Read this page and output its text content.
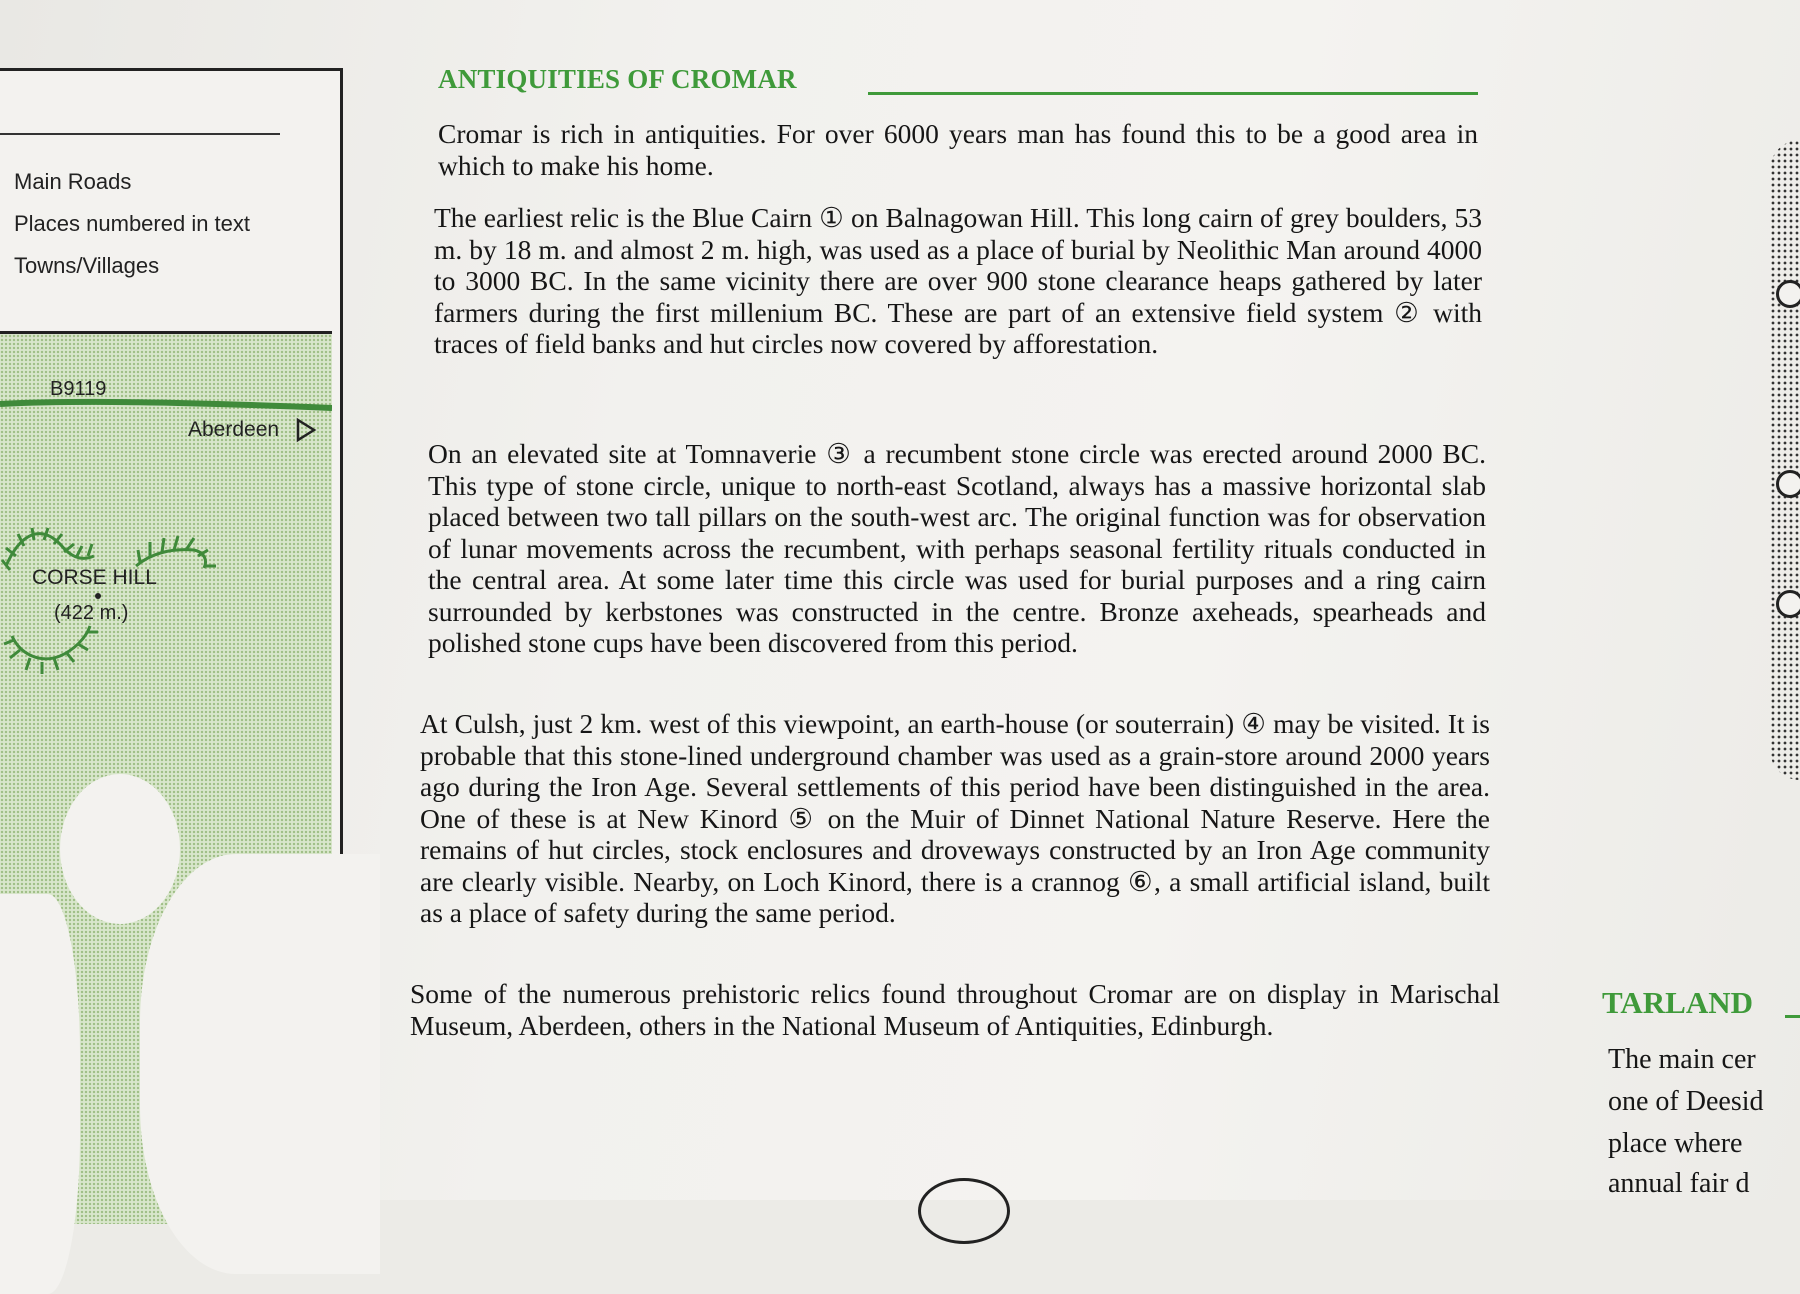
Main Roads
Places numbered in text
Towns/Villages
B9119
Aberdeen
CORSE HILL
(422 m.)
ANTIQUITIES OF CROMAR
Cromar is rich in antiquities. For over 6000 years man has found this to be a good area in which to make his home.
The earliest relic is the Blue Cairn ① on Balnagowan Hill. This long cairn of grey boulders, 53 m. by 18 m. and almost 2 m. high, was used as a place of burial by Neolithic Man around 4000 to 3000 BC. In the same vicinity there are over 900 stone clearance heaps gathered by later farmers during the first millenium BC. These are part of an extensive field system ② with traces of field banks and hut circles now covered by afforestation.
On an elevated site at Tomnaverie ③ a recumbent stone circle was erected around 2000 BC. This type of stone circle, unique to north-east Scotland, always has a massive horizontal slab placed between two tall pillars on the south-west arc. The original function was for observation of lunar movements across the recumbent, with perhaps seasonal fertility rituals conducted in the central area. At some later time this circle was used for burial purposes and a ring cairn surrounded by kerbstones was constructed in the centre. Bronze axeheads, spearheads and polished stone cups have been discovered from this period.
At Culsh, just 2 km. west of this viewpoint, an earth-house (or souterrain) ④ may be visited. It is probable that this stone-lined underground chamber was used as a grain-store around 2000 years ago during the Iron Age. Several settlements of this period have been distinguished in the area. One of these is at New Kinord ⑤ on the Muir of Dinnet National Nature Reserve. Here the remains of hut circles, stock enclosures and droveways constructed by an Iron Age community are clearly visible. Nearby, on Loch Kinord, there is a crannog ⑥, a small artificial island, built as a place of safety during the same period.
Some of the numerous prehistoric relics found throughout Cromar are on display in Marischal Museum, Aberdeen, others in the National Museum of Antiquities, Edinburgh.
TARLAND
The main cer
one of Deesid
place where
annual fair d
